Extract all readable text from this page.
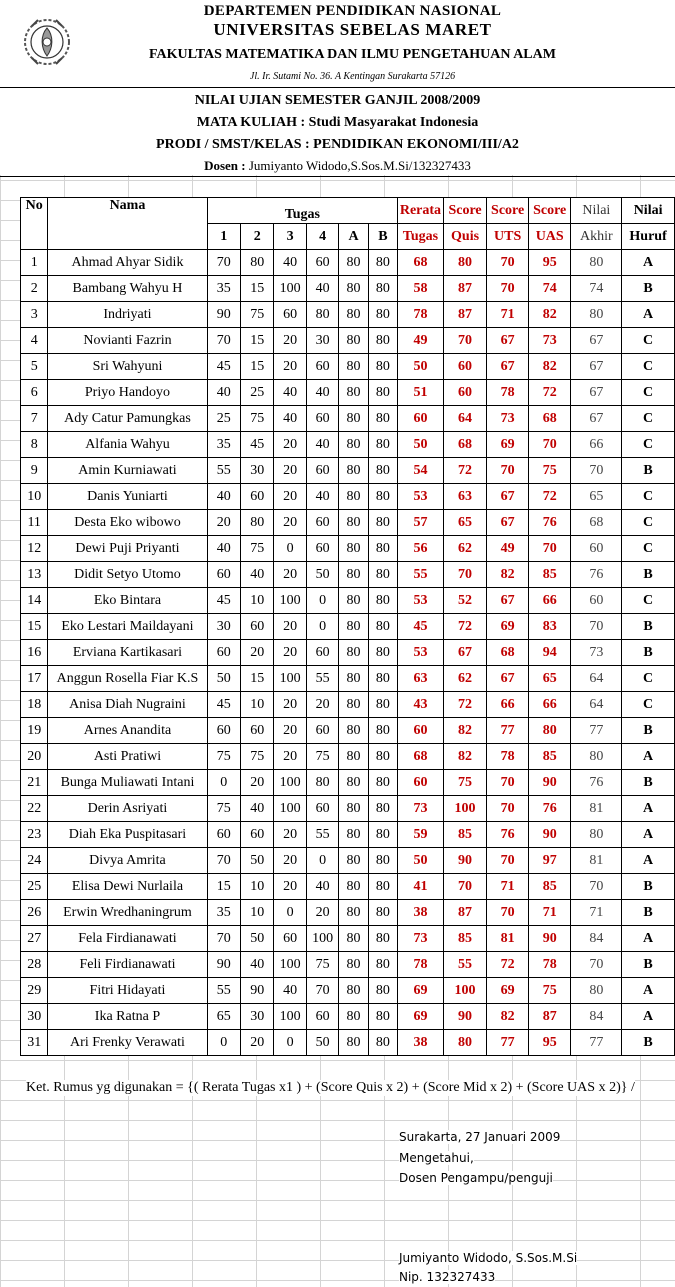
DEPARTEMEN PENDIDIKAN NASIONAL
UNIVERSITAS SEBELAS MARET
FAKULTAS MATEMATIKA DAN ILMU PENGETAHUAN ALAM
Jl. Ir. Sutami No. 36. A Kentingan Surakarta 57126
NILAI UJIAN SEMESTER GANJIL 2008/2009
MATA KULIAH : Studi Masyarakat Indonesia
PRODI / SMST/KELAS : PENDIDIKAN EKONOMI/III/A2
Dosen : Jumiyanto Widodo,S.Sos.M.Si/132327433
No	Nama	Tugas						Rerata	Score	Score	Score	Nilai	Nilai
		1	2	3	4	A	B	Tugas	Quis	UTS	UAS	Akhir	Huruf
1	Ahmad Ahyar Sidik	70	80	40	60	80	80	68	80	70	95	80	A
2	Bambang Wahyu H	35	15	100	40	80	80	58	87	70	74	74	B
3	Indriyati	90	75	60	80	80	80	78	87	71	82	80	A
4	Novianti Fazrin	70	15	20	30	80	80	49	70	67	73	67	C
5	Sri Wahyuni	45	15	20	60	80	80	50	60	67	82	67	C
6	Priyo Handoyo	40	25	40	40	80	80	51	60	78	72	67	C
7	Ady Catur Pamungkas	25	75	40	60	80	80	60	64	73	68	67	C
8	Alfania Wahyu	35	45	20	40	80	80	50	68	69	70	66	C
9	Amin Kurniawati	55	30	20	60	80	80	54	72	70	75	70	B
10	Danis Yuniarti	40	60	20	40	80	80	53	63	67	72	65	C
11	Desta Eko wibowo	20	80	20	60	80	80	57	65	67	76	68	C
12	Dewi Puji Priyanti	40	75	0	60	80	80	56	62	49	70	60	C
13	Didit Setyo Utomo	60	40	20	50	80	80	55	70	82	85	76	B
14	Eko Bintara	45	10	100	0	80	80	53	52	67	66	60	C
15	Eko Lestari Maildayani	30	60	20	0	80	80	45	72	69	83	70	B
16	Erviana Kartikasari	60	20	20	60	80	80	53	67	68	94	73	B
17	Anggun Rosella Fiar K.S	50	15	100	55	80	80	63	62	67	65	64	C
18	Anisa Diah Nugraini	45	10	20	20	80	80	43	72	66	66	64	C
19	Arnes Anandita	60	60	20	60	80	80	60	82	77	80	77	B
20	Asti Pratiwi	75	75	20	75	80	80	68	82	78	85	80	A
21	Bunga Muliawati Intani	0	20	100	80	80	80	60	75	70	90	76	B
22	Derin Asriyati	75	40	100	60	80	80	73	100	70	76	81	A
23	Diah Eka Puspitasari	60	60	20	55	80	80	59	85	76	90	80	A
24	Divya Amrita	70	50	20	0	80	80	50	90	70	97	81	A
25	Elisa Dewi Nurlaila	15	10	20	40	80	80	41	70	71	85	70	B
26	Erwin Wredhaningrum	35	10	0	20	80	80	38	87	70	71	71	B
27	Fela Firdianawati	70	50	60	100	80	80	73	85	81	90	84	A
28	Feli Firdianawati	90	40	100	75	80	80	78	55	72	78	70	B
29	Fitri Hidayati	55	90	40	70	80	80	69	100	69	75	80	A
30	Ika Ratna P	65	30	100	60	80	80	69	90	82	87	84	A
31	Ari Frenky Verawati	0	20	0	50	80	80	38	80	77	95	77	B
Ket. Rumus yg digunakan = {( Rerata Tugas x1 ) + (Score Quis x 2) + (Score Mid x 2) + (Score UAS x 2)} /
Surakarta, 27 Januari 2009
Mengetahui,
Dosen Pengampu/penguji
Jumiyanto Widodo, S.Sos.M.Si
Nip. 132327433
